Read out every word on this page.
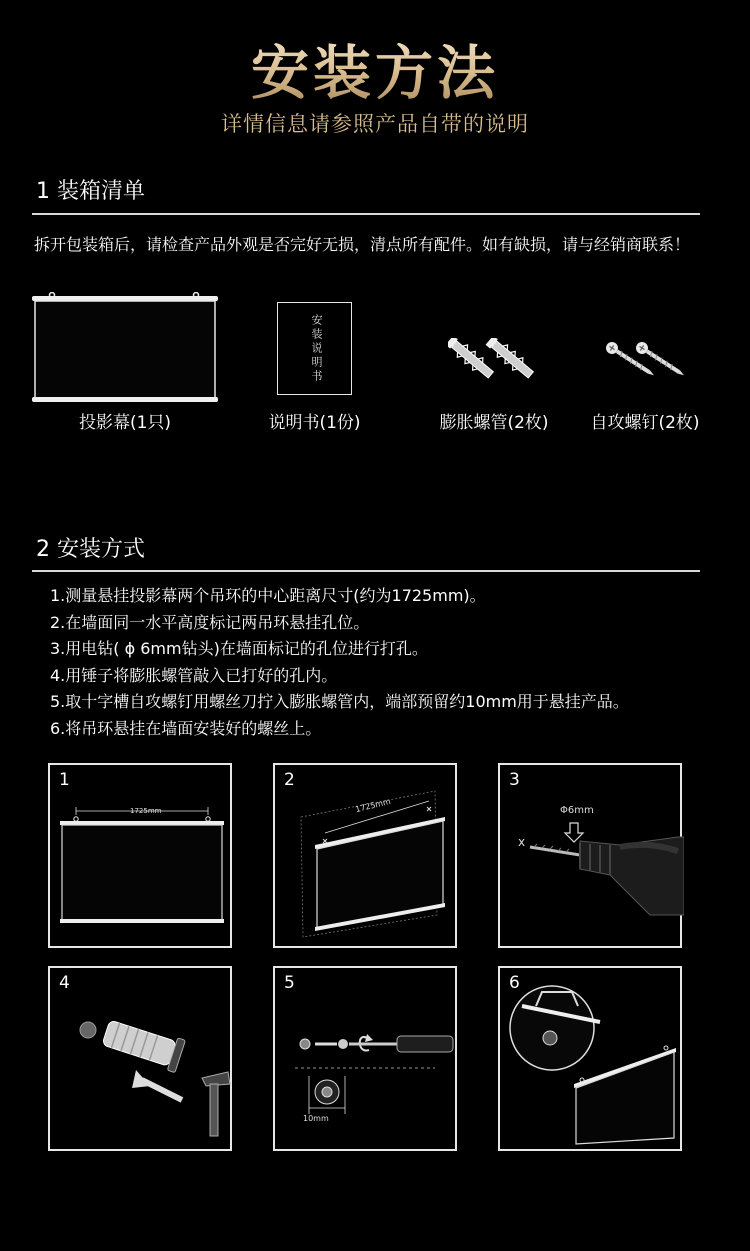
安装方法
详情信息请参照产品自带的说明
1 装箱清单
拆开包装箱后，请检查产品外观是否完好无损，清点所有配件。如有缺损，请与经销商联系！
投影幕(1只)
安装说明书
说明书(1份)	膨胀螺管(2枚)	自攻螺钉(2枚)
2 安装方式
1.测量悬挂投影幕两个吊环的中心距离尺寸(约为1725mm)。
2.在墙面同一水平高度标记两吊环悬挂孔位。
3.用电钻( ϕ 6mm钻头)在墙面标记的孔位进行打孔。
4.用锤子将膨胀螺管敲入已打好的孔内。
5.取十字槽自攻螺钉用螺丝刀拧入膨胀螺管内，端部预留约10mm用于悬挂产品。
6.将吊环悬挂在墙面安装好的螺丝上。
1
1725mm
2
1725mm
3
Φ6mm
x
4	5
10mm
6
